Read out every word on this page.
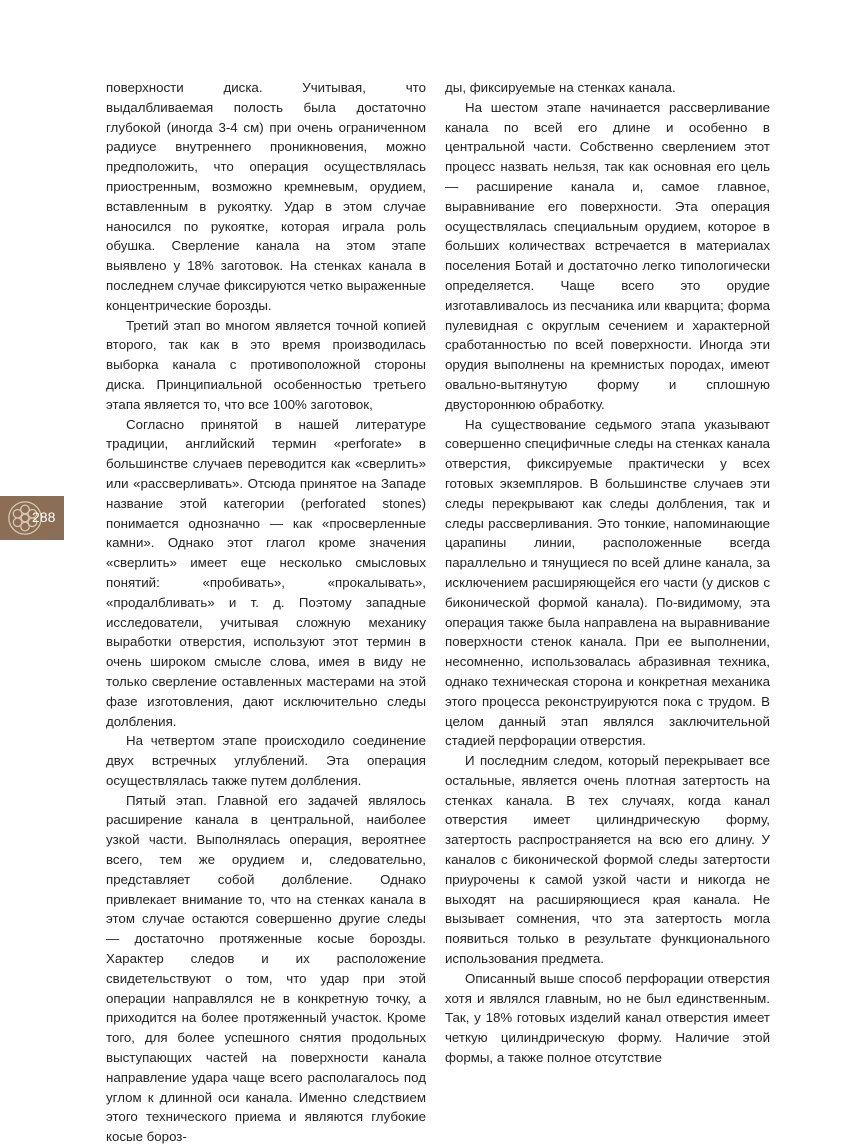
288

поверхности диска. Учитывая, что выдалбливаемая полость была достаточно глубокой (иногда 3-4 см) при очень ограниченном радиусе внутреннего проникновения, можно предположить, что операция осуществлялась приостренным, возможно кремневым, орудием, вставленным в рукоятку. Удар в этом случае наносился по рукоятке, которая играла роль обушка. Сверление канала на этом этапе выявлено у 18% заготовок. На стенках канала в последнем случае фиксируются четко выраженные концентрические борозды.

Третий этап во многом является точной копией второго, так как в это время производилась выборка канала с противоположной стороны диска. Принципиальной особенностью третьего этапа является то, что все 100% заготовок,

Согласно принятой в нашей литературе традиции, английский термин «perforate» в большинстве случаев переводится как «сверлить» или «рассверливать». Отсюда принятое на Западе название этой категории (perforated stones) понимается однозначно — как «просверленные камни». Однако этот глагол кроме значения «сверлить» имеет еще несколько смысловых понятий: «пробивать», «прокалывать», «продалбливать» и т. д. Поэтому западные исследователи, учитывая сложную механику выработки отверстия, используют этот термин в очень широком смысле слова, имея в виду не только сверление оставленных мастерами на этой фазе изготовления, дают исключительно следы долбления.

На четвертом этапе происходило соединение двух встречных углублений. Эта операция осуществлялась также путем долбления.

Пятый этап. Главной его задачей являлось расширение канала в центральной, наиболее узкой части. Выполнялась операция, вероятнее всего, тем же орудием и, следовательно, представляет собой долбление. Однако привлекает внимание то, что на стенках канала в этом случае остаются совершенно другие следы — достаточно протяженные косые борозды. Характер следов и их расположение свидетельствуют о том, что удар при этой операции направлялся не в конкретную точку, а приходится на более протяженный участок. Кроме того, для более успешного снятия продольных выступающих частей на поверхности канала направление удара чаще всего располагалось под углом к длинной оси канала. Именно следствием этого технического приема и являются глубокие косые бороз-

ды, фиксируемые на стенках канала.

На шестом этапе начинается рассверливание канала по всей его длине и особенно в центральной части. Собственно сверлением этот процесс назвать нельзя, так как основная его цель — расширение канала и, самое главное, выравнивание его поверхности. Эта операция осуществлялась специальным орудием, которое в больших количествах встречается в материалах поселения Ботай и достаточно легко типологически определяется. Чаще всего это орудие изготавливалось из песчаника или кварцита; форма пулевидная с округлым сечением и характерной сработанностью по всей поверхности. Иногда эти орудия выполнены на кремнистых породах, имеют овально-вытянутую форму и сплошную двустороннюю обработку.

На существование седьмого этапа указывают совершенно специфичные следы на стенках канала отверстия, фиксируемые практически у всех готовых экземпляров. В большинстве случаев эти следы перекрывают как следы долбления, так и следы рассверливания. Это тонкие, напоминающие царапины линии, расположенные всегда параллельно и тянущиеся по всей длине канала, за исключением расширяющейся его части (у дисков с биконической формой канала). По-видимому, эта операция также была направлена на выравнивание поверхности стенок канала. При ее выполнении, несомненно, использовалась абразивная техника, однако техническая сторона и конкретная механика этого процесса реконструируются пока с трудом. В целом данный этап являлся заключительной стадией перфорации отверстия.

И последним следом, который перекрывает все остальные, является очень плотная затертость на стенках канала. В тех случаях, когда канал отверстия имеет цилиндрическую форму, затертость распространяется на всю его длину. У каналов с биконической формой следы затертости приурочены к самой узкой части и никогда не выходят на расширяющиеся края канала. Не вызывает сомнения, что эта затертость могла появиться только в результате функционального использования предмета.

Описанный выше способ перфорации отверстия хотя и являлся главным, но не был единственным. Так, у 18% готовых изделий канал отверстия имеет четкую цилиндрическую форму. Наличие этой формы, а также полное отсутствие
